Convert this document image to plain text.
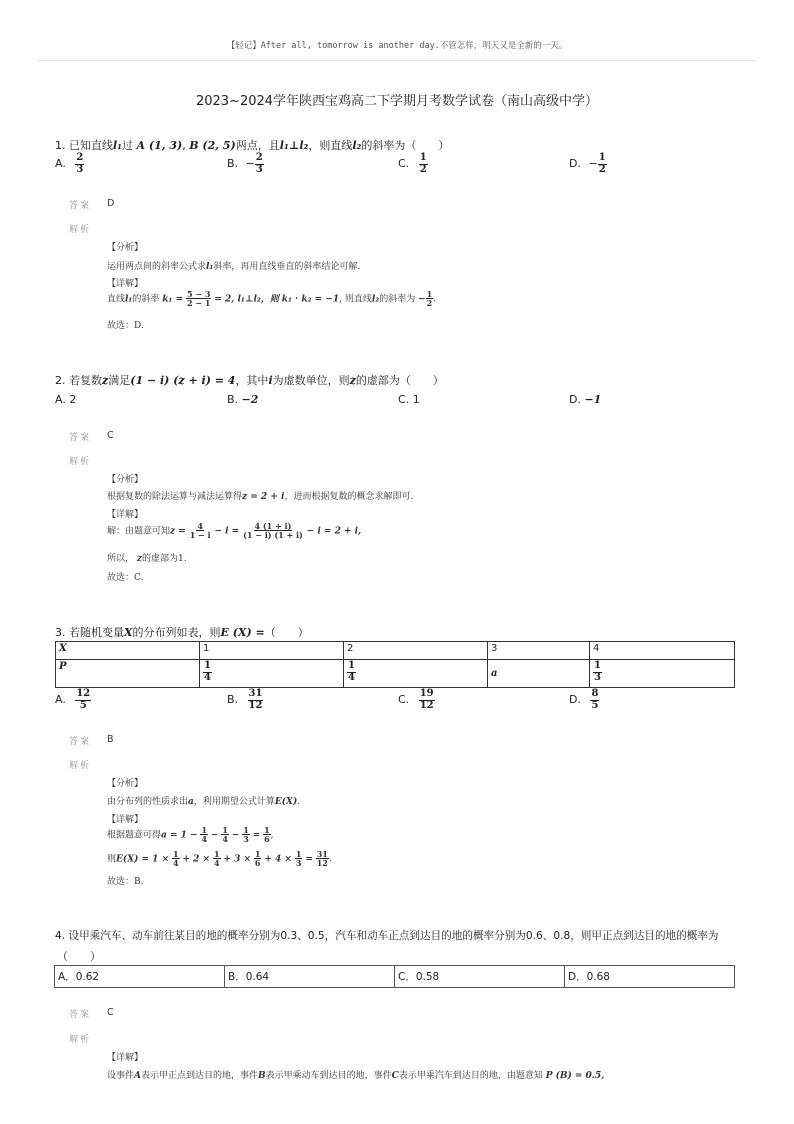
【轻记】After all, tomorrow is another day.不管怎样，明天又是全新的一天。
2023~2024学年陕西宝鸡高二下学期月考数学试卷（南山高级中学）
1. 已知直线l₁过 A (1, 3), B (2, 5)两点，且l₁⊥l₂，则直线l₂的斜率为（　　）
A. $\frac{2}{3}$	B. − $\frac{2}{3}$	C. $\frac{1}{2}$	D. − $\frac{1}{2}$
答案 D
解析
【分析】
运用两点间的斜率公式求l₁斜率，再用直线垂直的斜率结论可解.
【详解】
直线l₁的斜率 $k_1 = \frac{5 - 3}{2 - 1} = 2$, l₁⊥l₂，则 k₁ · k₂ = −1, 则直线l₂的斜率为 − $\frac{1}{2}$ .
故选：D.
2. 若复数z满足(1 − i) (z + i) = 4，其中i为虚数单位，则z的虚部为（　　）
A. 2	B. −2	C. 1	D. −1
答案 C
解析
【分析】
根据复数的除法运算与减法运算得z = 2 + i，进而根据复数的概念求解即可.
【详解】
解：由题意可知$z = \frac{4}{1 - i} - i = \frac{4 (1 + i)}{(1 - i) (1 + i)} - i = 2 + i$,
所以， z的虚部为1.
故选：C.
3. 若随机变量X的分布列如表，则E (X) =（　　）
X	1	2	3	4
P	$\frac{1}{4}$	$\frac{1}{4}$	a	$\frac{1}{3}$
A. $\frac{12}{5}$	B. $\frac{31}{12}$	C. $\frac{19}{12}$	D. $\frac{8}{5}$
答案 B
解析
【分析】
由分布列的性质求出a，利用期望公式计算E(X).
【详解】
根据题意可得$a = 1 - \frac{1}{4} - \frac{1}{4} - \frac{1}{3} = \frac{1}{6}$ ,
则$E(X) = 1 \times \frac{1}{4} + 2 \times \frac{1}{4} + 3 \times \frac{1}{6} + 4 \times \frac{1}{3} = \frac{31}{12}$ .
故选：B.
4. 设甲乘汽车、动车前往某目的地的概率分别为0.3、0.5，汽车和动车正点到达目的地的概率分别为0.6、0.8，则甲正点到达目的地的概率为
（　　）
A．0.62	B．0.64	C．0.58	D．0.68
答案 C
解析
【详解】
设事件A表示甲正点到达目的地，事件B表示甲乘动车到达目的地，事件C表示甲乘汽车到达目的地，由题意知 P (B) = 0.5,
